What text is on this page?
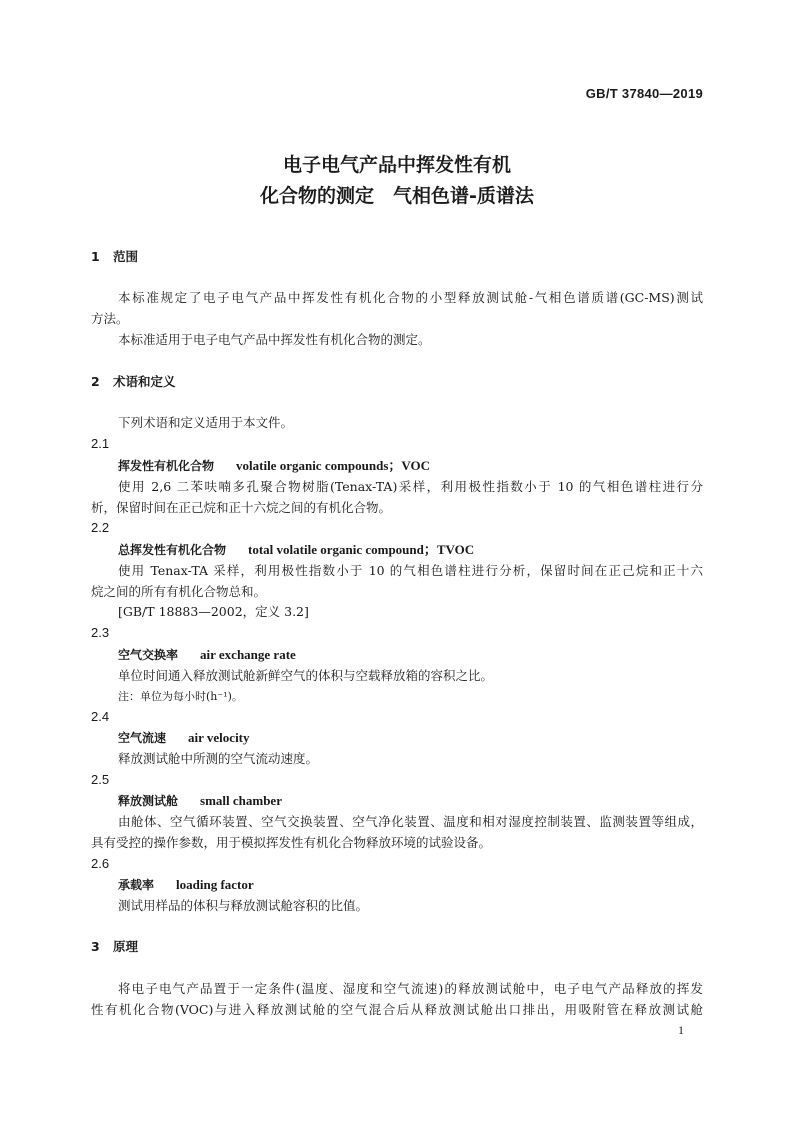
GB/T 37840—2019
电子电气产品中挥发性有机
化合物的测定　气相色谱-质谱法
1 范围
本标准规定了电子电气产品中挥发性有机化合物的小型释放测试舱-气相色谱质谱(GC-MS)测试
方法。
本标准适用于电子电气产品中挥发性有机化合物的测定。
2 术语和定义
下列术语和定义适用于本文件。
2.1
挥发性有机化合物 volatile organic compounds；VOC
使用 2,6 二苯呋喃多孔聚合物树脂(Tenax-TA)采样，利用极性指数小于 10 的气相色谱柱进行分
析，保留时间在正己烷和正十六烷之间的有机化合物。
2.2
总挥发性有机化合物 total volatile organic compound；TVOC
使用 Tenax-TA 采样，利用极性指数小于 10 的气相色谱柱进行分析，保留时间在正己烷和正十六
烷之间的所有有机化合物总和。
[GB/T 18883—2002，定义 3.2]
2.3
空气交换率 air exchange rate
单位时间通入释放测试舱新鲜空气的体积与空载释放箱的容积之比。
注：单位为每小时(h⁻¹)。
2.4
空气流速 air velocity
释放测试舱中所测的空气流动速度。
2.5
释放测试舱 small chamber
由舱体、空气循环装置、空气交换装置、空气净化装置、温度和相对湿度控制装置、监测装置等组成，
具有受控的操作参数，用于模拟挥发性有机化合物释放环境的试验设备。
2.6
承载率 loading factor
测试用样品的体积与释放测试舱容积的比值。
3 原理
将电子电气产品置于一定条件(温度、湿度和空气流速)的释放测试舱中，电子电气产品释放的挥发
性有机化合物(VOC)与进入释放测试舱的空气混合后从释放测试舱出口排出，用吸附管在释放测试舱
1
